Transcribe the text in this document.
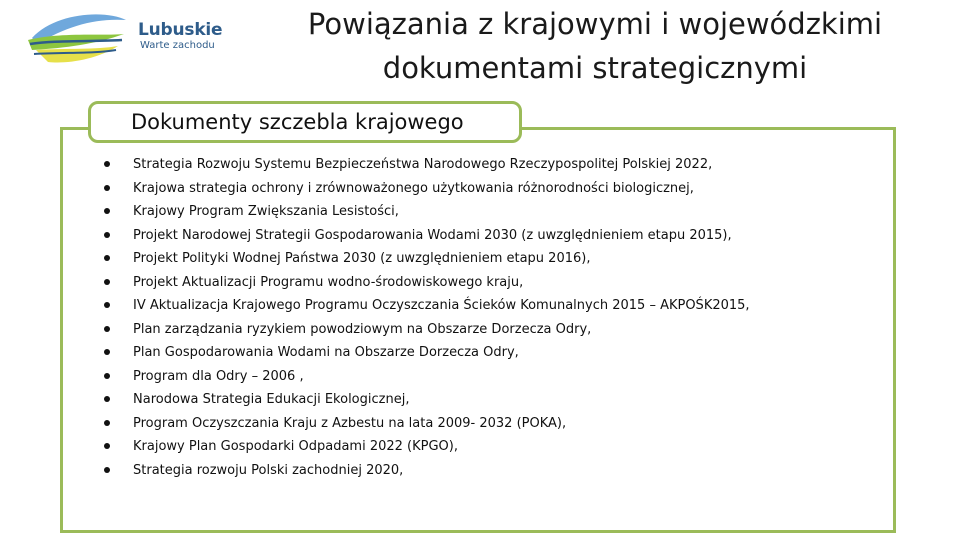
Lubuskie
Warte zachodu
Powiązania z krajowymi i wojewódzkimi dokumentami strategicznymi
Dokumenty szczebla krajowego
Strategia Rozwoju Systemu Bezpieczeństwa Narodowego Rzeczypospolitej Polskiej 2022,
Krajowa strategia ochrony i zrównoważonego użytkowania różnorodności biologicznej,
Krajowy Program Zwiększania Lesistości,
Projekt Narodowej Strategii Gospodarowania Wodami 2030 (z uwzględnieniem etapu 2015),
Projekt Polityki Wodnej Państwa 2030 (z uwzględnieniem etapu 2016),
Projekt Aktualizacji Programu wodno-środowiskowego kraju,
IV Aktualizacja Krajowego Programu Oczyszczania Ścieków Komunalnych 2015 – AKPOŚK2015,
Plan zarządzania ryzykiem powodziowym na Obszarze Dorzecza Odry,
Plan Gospodarowania Wodami na Obszarze Dorzecza Odry,
Program dla Odry – 2006 ,
Narodowa Strategia Edukacji Ekologicznej,
Program Oczyszczania Kraju z Azbestu na lata 2009- 2032 (POKA),
Krajowy Plan Gospodarki Odpadami 2022 (KPGO),
Strategia rozwoju Polski zachodniej 2020,
